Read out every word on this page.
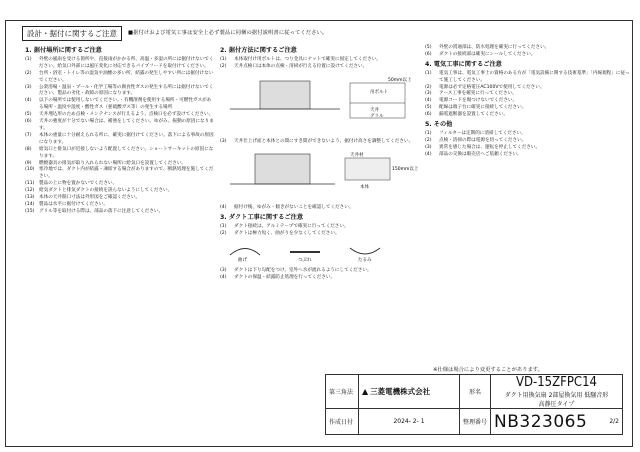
設計・据付に関するご注意	■据付けおよび電気工事は安全上必ず製品に同梱の据付説明書に従ってください。
1. 据付場所に関するご注意
(1)	外壁の風雨を受ける箇所や、直接雨がかかる所、高温・多湿の所には据付けないでください。給気口外部には風圧変化に対応できるパイプフードを取付けてください。
(2)	台所・浴室・トイレ等の湿気や油煙の多い所、結露の発生しやすい所には据付けないでください。
(3)	公衆浴場・温泉・プール・化学工場等の腐食性ガスの発生する所には据付けないでください。製品の劣化・故障の原因になります。
(4)	以下の場所では使用しないでください。・有機溶剤を使用する場所・可燃性ガスがある場所・温度や湿度・酸性ガス（亜硫酸ガス等）の発生する場所
(5)	天井埋込形のため点検・メンテナンスが行えるよう、点検口を必ず設けてください。
(6)	天井の強度が十分でない場合は、補強をしてください。ゆがみ、振動の原因になります。
(7)	本体の重量に十分耐えられる所に、確実に据付けてください。落下による事故の原因になります。
(8)	給気口と排気口が近接しないよう配置してください。ショートサーキットの原因になります。
(9)	燃焼器具の排気が取り入れられない場所に給気口を設置してください。
(10) 寒冷地では、ダクト内が結露・凍結する場合がありますので、断熱処理を施してください。
(11) 製品の上に物を置かないでください。
(12) 給気ダクトと排気ダクトの接続を誤らないようにしてください。
(13) 本体の天井開口寸法は外形図をご確認ください。
(14) 製品は水平に据付けてください。
(15) グリル等を取付ける際は、部品の落下に注意してください。
2. 据付方法に関するご注意
(1)	本体取付け用ボルトは、つり金具にナットで確実に固定してください。
(2)	天井点検口は本体の点検・清掃が行える位置に設けてください。
吊ボルト
天井
グリル
50mm以上
(3)	天井仕上げ面と本体との間にすき間ができないよう、据付け高さを調整してください。
天井材
本体
150mm以上
(4)	据付け後、ゆがみ・傾きがないことを確認してください。
3. ダクト工事に関するご注意
(1)	ダクト接続は、アルミテープで確実に行ってください。
(2)	ダクトは極力短く、曲がりを少なくしてください。
曲げ	つぶれ	たるみ
(3)	ダクトは下り勾配をつけ、室外へ水が流れるようにしてください。
(4)	ダクトの保温・結露防止処理を行ってください。
(5)	外壁の貫通部は、防水処理を確実に行ってください。
(6)	ダクトの接続部は確実にシールしてください。
4. 電気工事に関するご注意
(1)	電気工事は、電気工事士の資格のある方が「電気設備に関する技術基準」「内線規程」に従って施工してください。
(2)	電源は必ず定格電圧AC100Vで使用してください。
(3)	アース工事を確実に行ってください。
(4)	電源コードを傷つけないでください。
(5)	配線は端子台に確実に接続してください。
(6)	漏電遮断器を設置してください。
5. その他
(1)	フィルターは定期的に清掃してください。
(2)	点検・清掃の際は電源を切ってください。
(3)	異常を感じた場合は、運転を停止してください。
(4)	部品の交換は販売店へご依頼ください。
※仕様は場合により変更することがあります。
第三角法	▲ 三菱電機株式会社	形名	VD-15ZFPC14
ダクト用換気扇 2部屋換気用 低騒音形
高静圧タイプ

作成日付	2024- 2- 1	整理番号	NB323065 2/2
